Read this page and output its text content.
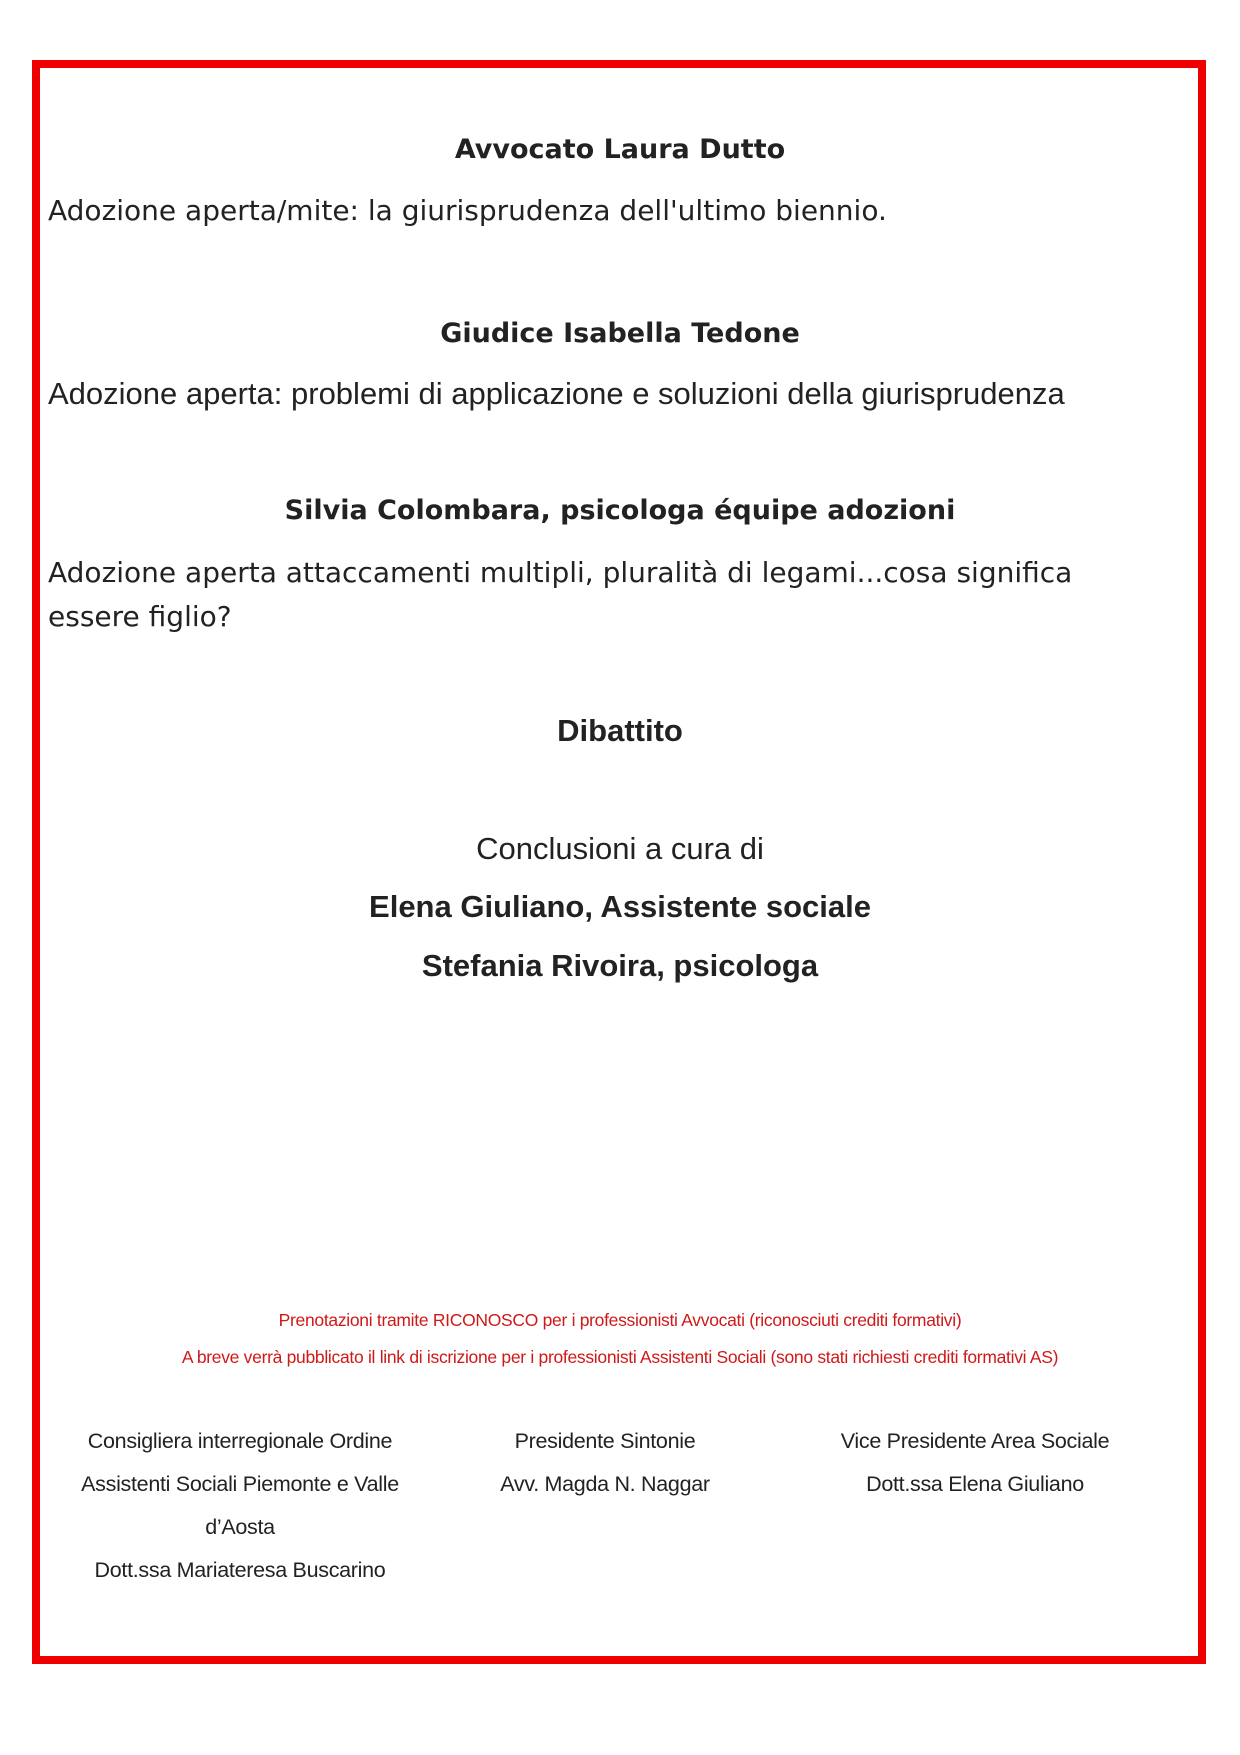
Avvocato Laura Dutto
Adozione aperta/mite: la giurisprudenza dell'ultimo biennio.
Giudice Isabella Tedone
Adozione aperta: problemi di applicazione e soluzioni della giurisprudenza
Silvia Colombara, psicologa équipe adozioni
Adozione aperta attaccamenti multipli, pluralità di legami...cosa significa essere figlio?
Dibattito
Conclusioni a cura di
Elena Giuliano, Assistente sociale
Stefania Rivoira, psicologa
Prenotazioni tramite RICONOSCO per i professionisti Avvocati (riconosciuti crediti formativi)
A breve verrà pubblicato il link di iscrizione per i professionisti Assistenti Sociali (sono stati richiesti crediti formativi AS)
Consigliera interregionale Ordine
Assistenti Sociali Piemonte e Valle
d’Aosta
Dott.ssa Mariateresa Buscarino
Presidente Sintonie
Avv. Magda N. Naggar
Vice Presidente Area Sociale
Dott.ssa Elena Giuliano
